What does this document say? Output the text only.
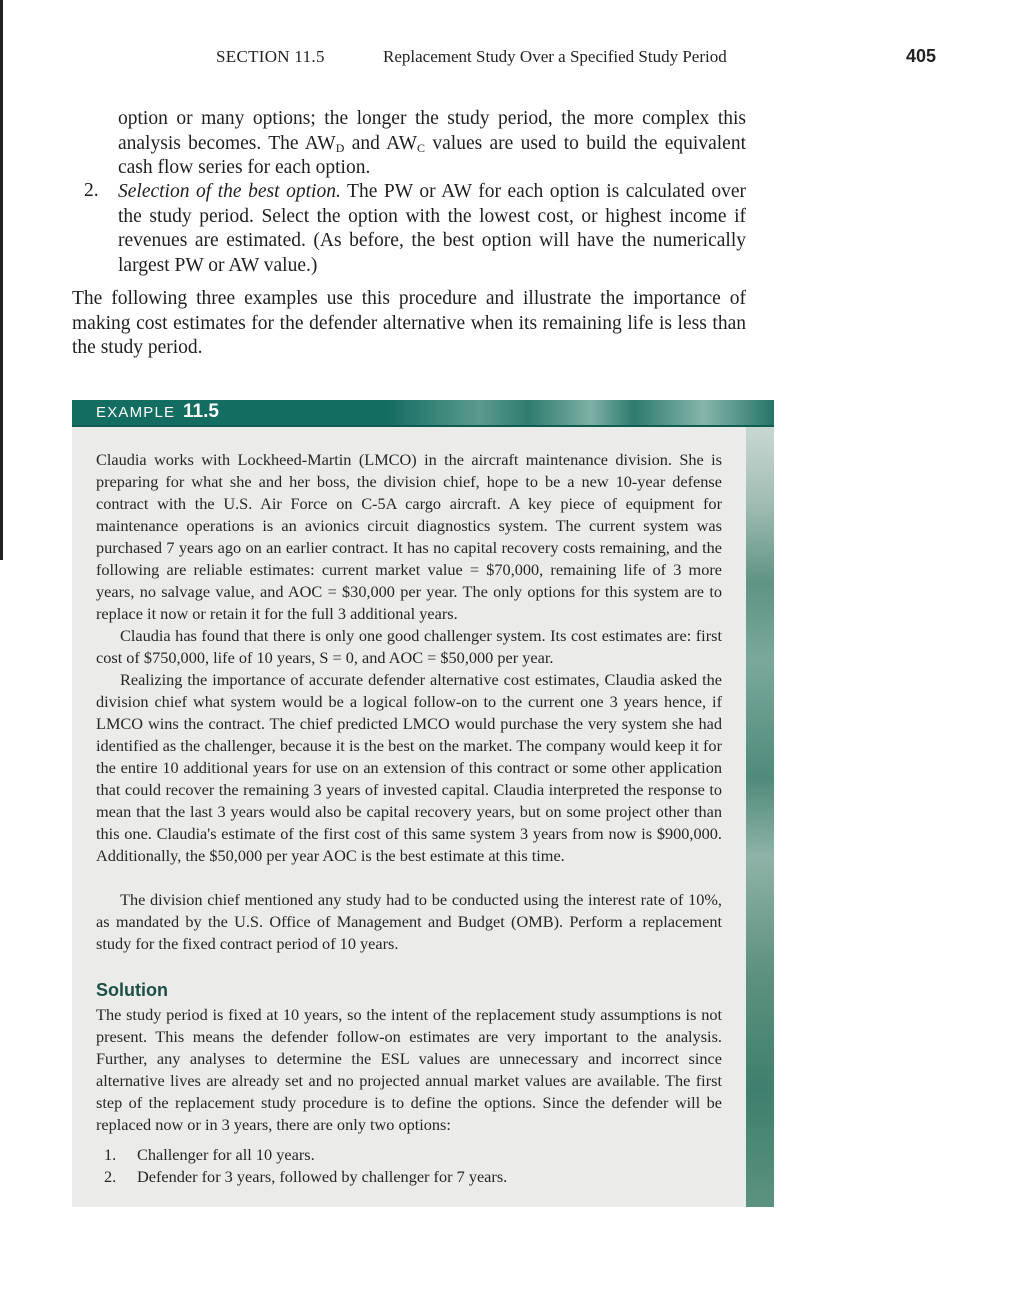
SECTION 11.5	Replacement Study Over a Specified Study Period	405

option or many options; the longer the study period, the more complex this analysis becomes. The $AW_D$ and $AW_C$ values are used to build the equivalent cash flow series for each option.

2. Selection of the best option. The PW or AW for each option is calculated over the study period. Select the option with the lowest cost, or highest income if revenues are estimated. (As before, the best option will have the numerically largest PW or AW value.)

The following three examples use this procedure and illustrate the importance of making cost estimates for the defender alternative when its remaining life is less than the study period.

EXAMPLE 11.5

Claudia works with Lockheed-Martin (LMCO) in the aircraft maintenance division. She is preparing for what she and her boss, the division chief, hope to be a new 10-year defense contract with the U.S. Air Force on C-5A cargo aircraft. A key piece of equipment for maintenance operations is an avionics circuit diagnostics system. The current system was purchased 7 years ago on an earlier contract. It has no capital recovery costs remaining, and the following are reliable estimates: current market value = $70,000, remaining life of 3 more years, no salvage value, and AOC = $30,000 per year. The only options for this system are to replace it now or retain it for the full 3 additional years.

Claudia has found that there is only one good challenger system. Its cost estimates are: first cost of $750,000, life of 10 years, S = 0, and AOC = $50,000 per year.

Realizing the importance of accurate defender alternative cost estimates, Claudia asked the division chief what system would be a logical follow-on to the current one 3 years hence, if LMCO wins the contract. The chief predicted LMCO would purchase the very system she had identified as the challenger, because it is the best on the market. The company would keep it for the entire 10 additional years for use on an extension of this contract or some other application that could recover the remaining 3 years of invested capital. Claudia interpreted the response to mean that the last 3 years would also be capital recovery years, but on some project other than this one. Claudia's estimate of the first cost of this same system 3 years from now is $900,000. Additionally, the $50,000 per year AOC is the best estimate at this time.

The division chief mentioned any study had to be conducted using the interest rate of 10%, as mandated by the U.S. Office of Management and Budget (OMB). Perform a replacement study for the fixed contract period of 10 years.

Solution

The study period is fixed at 10 years, so the intent of the replacement study assumptions is not present. This means the defender follow-on estimates are very important to the analysis. Further, any analyses to determine the ESL values are unnecessary and incorrect since alternative lives are already set and no projected annual market values are available. The first step of the replacement study procedure is to define the options. Since the defender will be replaced now or in 3 years, there are only two options:

1. Challenger for all 10 years.
2. Defender for 3 years, followed by challenger for 7 years.
